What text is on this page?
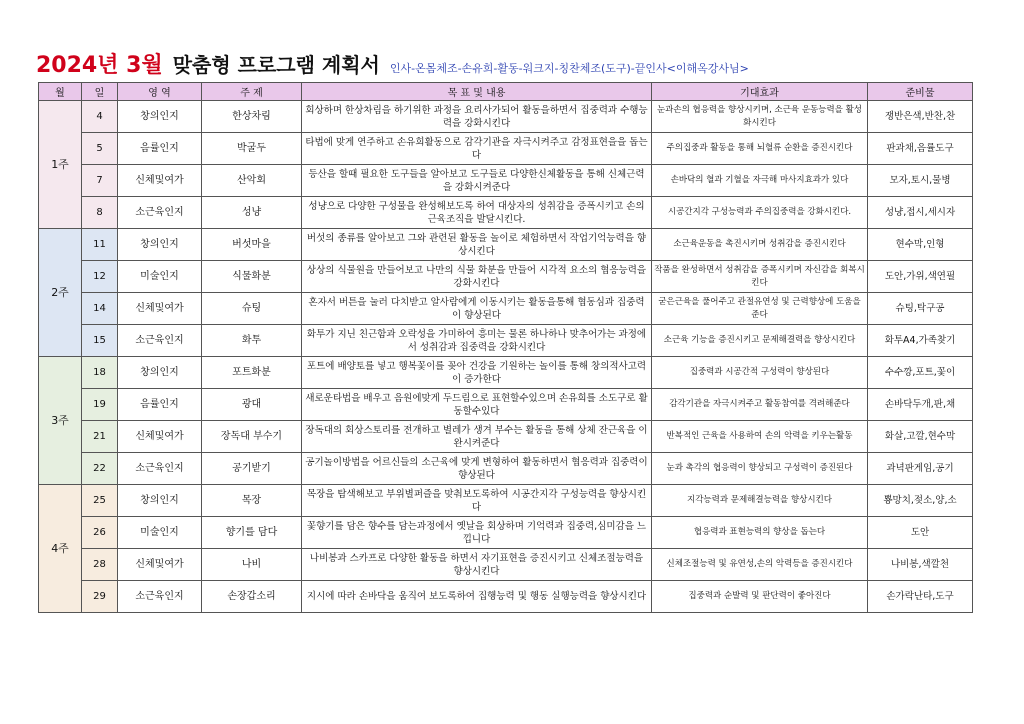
2024년 3월 맞춤형 프로그램 계획서 인사-온몸체조-손유희-활동-워크지-칭찬체조(도구)-끝인사<이해옥강사님>
월	일	영 역	주 제	목 표 및 내용	기대효과	준비물
1주	4	창의인지	한상차림	회상하며 한상차림을 하기위한 과정을 요리사가되어 활동을하면서 집중력과 수행능력을 강화시킨다	눈과손의 협응력을 향상시키며, 소근육 운동능력을 활성화시킨다	쟁반은색,반찬,찬
	5	음률인지	박굴두	타법에 맞게 연주하고 손유희활동으로 감각기관을 자극시켜주고 감정표현을을 돕는다	주의집중과 활동을 통해 뇌혈류 순환을 증진시킨다	판과채,음률도구
	7	신체및여가	산악회	등산을 할때 필요한 도구들을 알아보고 도구들로 다양한신체활동을 통해 신체근력을 강화시켜준다	손바닥의 혈과 기혈을 자극해 마사지효과가 있다	모자,토시,물병
	8	소근육인지	성냥	성냥으로 다양한 구성물을 완성해보도록 하여 대상자의 성취감을 증폭시키고 손의 근육조직을 발달시킨다.	시공간지각 구성능력과 주의집중력을 강화시킨다.	성냥,접시,세시자
2주	11	창의인지	버섯마을	버섯의 종류를 알아보고 그와 관련된 활동을 놀이로 체험하면서 작업기억능력을 향상시킨다	소근육운동을 촉진시키며 성취감을 증진시킨다	현수막,인형
	12	미술인지	식물화분	상상의 식물원을 만들어보고 나만의 식물 화분을 만들어 시각적 요소의 협응능력을 강화시킨다	작품을 완성하면서 성취감을 증폭시키며 자신감을 회복시킨다	도안,가위,색연필
	14	신체및여가	슈팅	혼자서 버튼을 눌러 다치받고 알사람에게 이동시키는 활동을통해 협동심과 집중력이 향상된다	굳은근육을 풀어주고 관절유연성 및 근력향상에 도움을 준다	슈팅,탁구공
	15	소근육인지	화투	화투가 지닌 친근함과 오락성을 가미하여 흥미는 물론 하나하나 맞추어가는 과정에서 성취감과 집중력을 강화시킨다	소근육 기능을 증진시키고 문제해결력을 향상시킨다	화투A4,가족찾기
3주	18	창의인지	포트화분	포트에 배양토를 넣고 행복꽃이를 꽂아 건강을 기원하는 놀이를 통해 창의적사고력이 증가한다	집중력과 시공간적 구성력이 향상된다	수수깡,포트,꽃이
	19	음률인지	광대	새로운타법을 배우고 음원에맞게 두드림으로 표현할수있으며 손유희를 소도구로 활동할수있다	감각기관을 자극시켜주고 활동참여를 격려해준다	손바닥두개,판,채
	21	신체및여가	장독대 부수기	장독대의 회상스토리를 전개하고 별레가 생겨 부수는 활동을 통해 상체 잔근육을 이완시켜준다	반복적인 근육을 사용하여 손의 악력을 키우는활동	화살,고깔,현수막
	22	소근육인지	공기받기	공기놀이방법을 어르신들의 소근육에 맞게 변형하여 활동하면서 협응력과 집중력이 향상된다	눈과 촉각의 협응력이 향상되고 구성력이 증진된다	과녁판게임,공기
4주	25	창의인지	목장	목장을 탐색해보고 부위별퍼즐을 맞춰보도록하여 시공간지각 구성능력을 향상시킨다	지각능력과 문제해결능력을 향상시킨다	뿅망치,젖소,양,소
	26	미술인지	향기를 담다	꽃향기를 담은 향수를 담는과정에서 옛날을 회상하며 기억력과 집중력,심미감을 느낍니다	협응력과 표현능력의 향상을 돕는다	도안
	28	신체및여가	나비	나비봉과 스카프로 다양한 활동을 하면서 자기표현을 증진시키고 신체조절능력을 향상시킨다	신체조절능력 및 유연성,손의 악력등을 증진시킨다	나비봉,색깔천
	29	소근육인지	손장갑소리	지시에 따라 손바닥을 움직여 보도록하여 집행능력 및 행동 실행능력을 향상시킨다	집중력과 순발력 및 판단력이 좋아진다	손가락난타,도구
